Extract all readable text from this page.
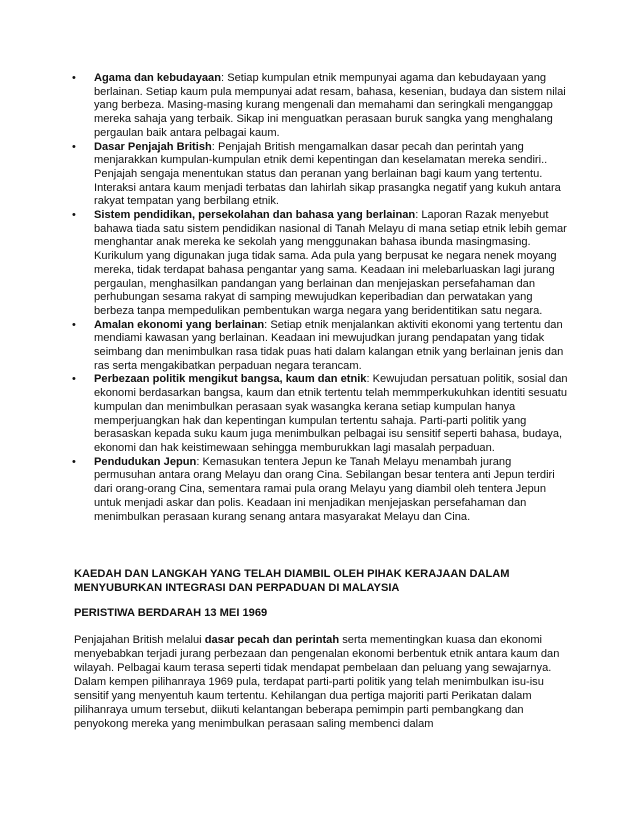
• Agama dan kebudayaan: Setiap kumpulan etnik mempunyai agama dan kebudayaan yang berlainan. Setiap kaum pula mempunyai adat resam, bahasa, kesenian, budaya dan sistem nilai yang berbeza. Masing-masing kurang mengenali dan memahami dan seringkali menganggap mereka sahaja yang terbaik. Sikap ini menguatkan perasaan buruk sangka yang menghalang pergaulan baik antara pelbagai kaum.
• Dasar Penjajah British: Penjajah British mengamalkan dasar pecah dan perintah yang menjarakkan kumpulan-kumpulan etnik demi kepentingan dan keselamatan mereka sendiri.. Penjajah sengaja menentukan status dan peranan yang berlainan bagi kaum yang tertentu. Interaksi antara kaum menjadi terbatas dan lahirlah sikap prasangka negatif yang kukuh antara rakyat tempatan yang berbilang etnik.
• Sistem pendidikan, persekolahan dan bahasa yang berlainan: Laporan Razak menyebut bahawa tiada satu sistem pendidikan nasional di Tanah Melayu di mana setiap etnik lebih gemar menghantar anak mereka ke sekolah yang menggunakan bahasa ibunda masingmasing. Kurikulum yang digunakan juga tidak sama. Ada pula yang berpusat ke negara nenek moyang mereka, tidak terdapat bahasa pengantar yang sama. Keadaan ini melebarluaskan lagi jurang pergaulan, menghasilkan pandangan yang berlainan dan menjejaskan persefahaman dan perhubungan sesama rakyat di samping mewujudkan keperibadian dan perwatakan yang berbeza tanpa mempedulikan pembentukan warga negara yang beridentitikan satu negara.
• Amalan ekonomi yang berlainan: Setiap etnik menjalankan aktiviti ekonomi yang tertentu dan mendiami kawasan yang berlainan. Keadaan ini mewujudkan jurang pendapatan yang tidak seimbang dan menimbulkan rasa tidak puas hati dalam kalangan etnik yang berlainan jenis dan ras serta mengakibatkan perpaduan negara terancam.
• Perbezaan politik mengikut bangsa, kaum dan etnik: Kewujudan persatuan politik, sosial dan ekonomi berdasarkan bangsa, kaum dan etnik tertentu telah memmperkukuhkan identiti sesuatu kumpulan dan menimbulkan perasaan syak wasangka kerana setiap kumpulan hanya memperjuangkan hak dan kepentingan kumpulan tertentu sahaja. Parti-parti politik yang berasaskan kepada suku kaum juga menimbulkan pelbagai isu sensitif seperti bahasa, budaya, ekonomi dan hak keistimewaan sehingga memburukkan lagi masalah perpaduan.
• Pendudukan Jepun: Kemasukan tentera Jepun ke Tanah Melayu menambah jurang permusuhan antara orang Melayu dan orang Cina. Sebilangan besar tentera anti Jepun terdiri dari orang-orang Cina, sementara ramai pula orang Melayu yang diambil oleh tentera Jepun untuk menjadi askar dan polis. Keadaan ini menjadikan menjejaskan persefahaman dan menimbulkan perasaan kurang senang antara masyarakat Melayu dan Cina.
KAEDAH DAN LANGKAH YANG TELAH DIAMBIL OLEH PIHAK KERAJAAN DALAM MENYUBURKAN INTEGRASI DAN PERPADUAN DI MALAYSIA
PERISTIWA BERDARAH 13 MEI 1969

Penjajahan British melalui dasar pecah dan perintah serta mementingkan kuasa dan ekonomi menyebabkan terjadi jurang perbezaan dan pengenalan ekonomi berbentuk etnik antara kaum dan wilayah. Pelbagai kaum terasa seperti tidak mendapat pembelaan dan peluang yang sewajarnya. Dalam kempen pilihanraya 1969 pula, terdapat parti-parti politik yang telah menimbulkan isu-isu sensitif yang menyentuh kaum tertentu. Kehilangan dua pertiga majoriti parti Perikatan dalam pilihanraya umum tersebut, diikuti kelantangan beberapa pemimpin parti pembangkang dan penyokong mereka yang menimbulkan perasaan saling membenci dalam
